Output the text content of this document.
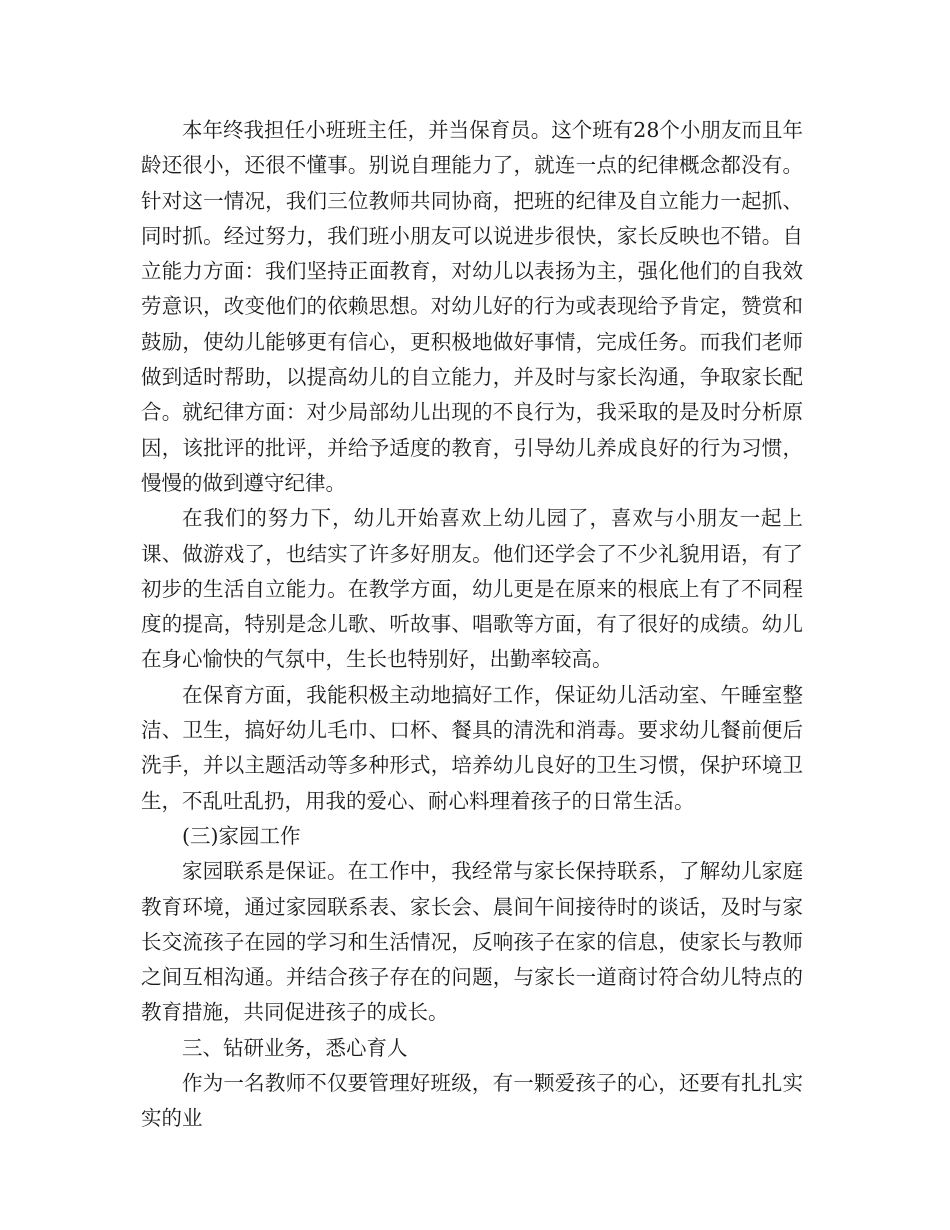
本年终我担任小班班主任，并当保育员。这个班有28个小朋友而且年龄还很小，还很不懂事。别说自理能力了，就连一点的纪律概念都没有。针对这一情况，我们三位教师共同协商，把班的纪律及自立能力一起抓、同时抓。经过努力，我们班小朋友可以说进步很快，家长反映也不错。自立能力方面：我们坚持正面教育，对幼儿以表扬为主，强化他们的自我效劳意识，改变他们的依赖思想。对幼儿好的行为或表现给予肯定，赞赏和鼓励，使幼儿能够更有信心，更积极地做好事情，完成任务。而我们老师做到适时帮助，以提高幼儿的自立能力，并及时与家长沟通，争取家长配合。就纪律方面：对少局部幼儿出现的不良行为，我采取的是及时分析原因，该批评的批评，并给予适度的教育，引导幼儿养成良好的行为习惯，慢慢的做到遵守纪律。

在我们的努力下，幼儿开始喜欢上幼儿园了，喜欢与小朋友一起上课、做游戏了，也结实了许多好朋友。他们还学会了不少礼貌用语，有了初步的生活自立能力。在教学方面，幼儿更是在原来的根底上有了不同程度的提高，特别是念儿歌、听故事、唱歌等方面，有了很好的成绩。幼儿在身心愉快的气氛中，生长也特别好，出勤率较高。

在保育方面，我能积极主动地搞好工作，保证幼儿活动室、午睡室整洁、卫生，搞好幼儿毛巾、口杯、餐具的清洗和消毒。要求幼儿餐前便后洗手，并以主题活动等多种形式，培养幼儿良好的卫生习惯，保护环境卫生，不乱吐乱扔，用我的爱心、耐心料理着孩子的日常生活。

(三)家园工作

家园联系是保证。在工作中，我经常与家长保持联系，了解幼儿家庭教育环境，通过家园联系表、家长会、晨间午间接待时的谈话，及时与家长交流孩子在园的学习和生活情况，反响孩子在家的信息，使家长与教师之间互相沟通。并结合孩子存在的问题，与家长一道商讨符合幼儿特点的教育措施，共同促进孩子的成长。

三、钻研业务，悉心育人

作为一名教师不仅要管理好班级，有一颗爱孩子的心，还要有扎扎实实的业
